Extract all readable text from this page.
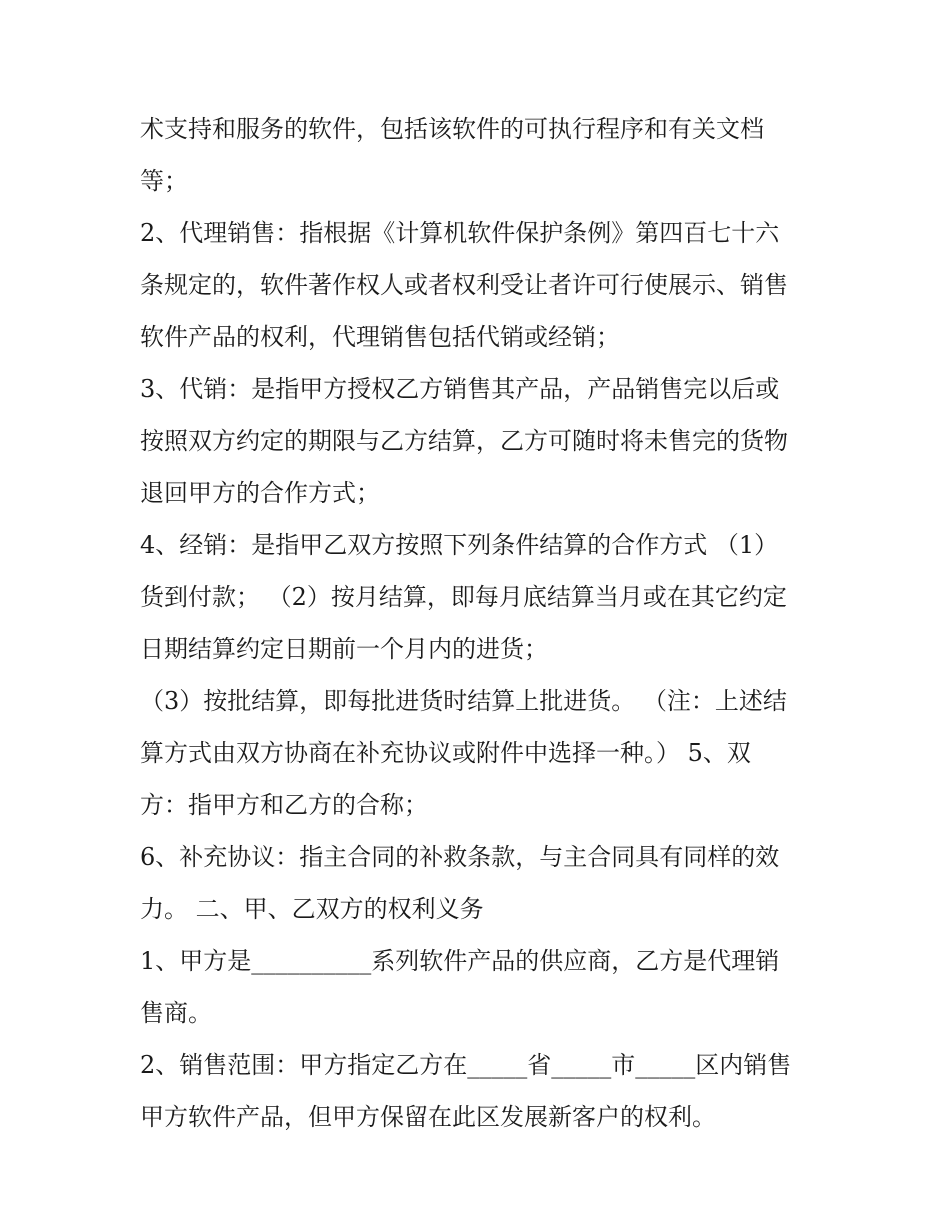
术支持和服务的软件，包括该软件的可执行程序和有关文档
等；
2、代理销售：指根据《计算机软件保护条例》第四百七十六
条规定的，软件著作权人或者权利受让者许可行使展示、销售
软件产品的权利，代理销售包括代销或经销；
3、代销：是指甲方授权乙方销售其产品，产品销售完以后或
按照双方约定的期限与乙方结算，乙方可随时将未售完的货物
退回甲方的合作方式；
4、经销：是指甲乙双方按照下列条件结算的合作方式 （1）
货到付款； （2）按月结算，即每月底结算当月或在其它约定
日期结算约定日期前一个月内的进货；
（3）按批结算，即每批进货时结算上批进货。 （注：上述结
算方式由双方协商在补充协议或附件中选择一种。） 5、双
方：指甲方和乙方的合称；
6、补充协议：指主合同的补救条款，与主合同具有同样的效
力。 二、甲、乙双方的权利义务
1、甲方是__________系列软件产品的供应商，乙方是代理销
售商。
2、销售范围：甲方指定乙方在_____省_____市_____区内销售
甲方软件产品，但甲方保留在此区发展新客户的权利。
